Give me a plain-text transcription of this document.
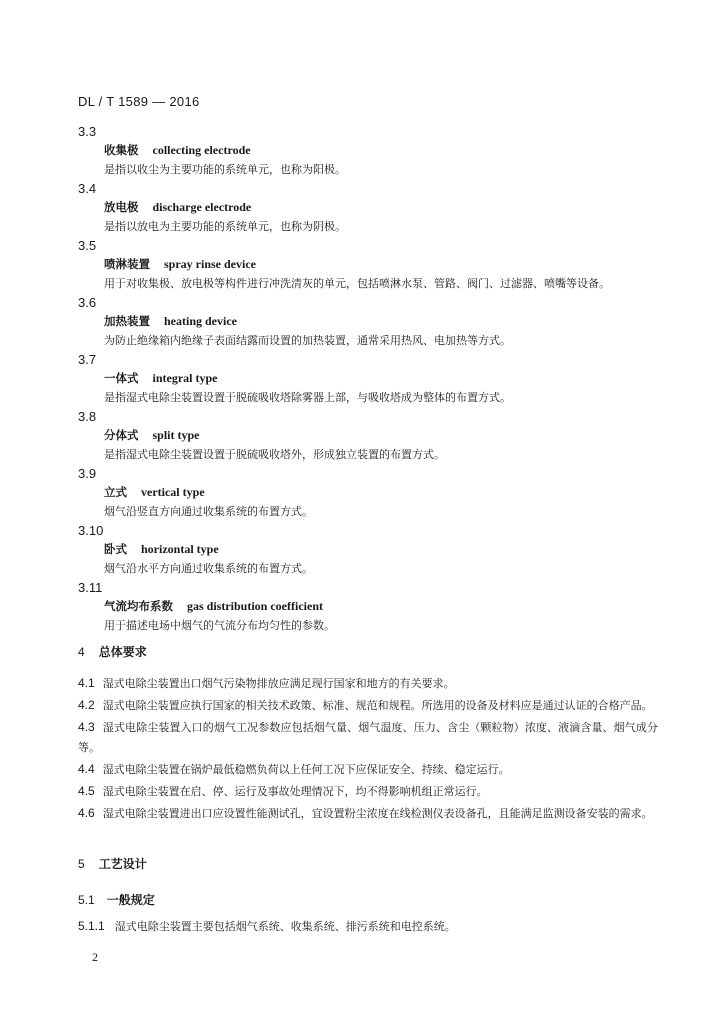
DL / T 1589 — 2016
3.3
收集极 collecting electrode
是指以收尘为主要功能的系统单元，也称为阳极。
3.4
放电极 discharge electrode
是指以放电为主要功能的系统单元，也称为阴极。
3.5
喷淋装置 spray rinse device
用于对收集极、放电极等构件进行冲洗清灰的单元，包括喷淋水泵、管路、阀门、过滤器、喷嘴等设备。
3.6
加热装置 heating device
为防止绝缘箱内绝缘子表面结露而设置的加热装置，通常采用热风、电加热等方式。
3.7
一体式 integral type
是指湿式电除尘装置设置于脱硫吸收塔除雾器上部，与吸收塔成为整体的布置方式。
3.8
分体式 split type
是指湿式电除尘装置设置于脱硫吸收塔外，形成独立装置的布置方式。
3.9
立式 vertical type
烟气沿竖直方向通过收集系统的布置方式。
3.10
卧式 horizontal type
烟气沿水平方向通过收集系统的布置方式。
3.11
气流均布系数 gas distribution coefficient
用于描述电场中烟气的气流分布均匀性的参数。
4 总体要求
4.1 湿式电除尘装置出口烟气污染物排放应满足现行国家和地方的有关要求。
4.2 湿式电除尘装置应执行国家的相关技术政策、标准、规范和规程。所选用的设备及材料应是通过认证的合格产品。
4.3 湿式电除尘装置入口的烟气工况参数应包括烟气量、烟气温度、压力、含尘（颗粒物）浓度、液滴含量、烟气成分等。
4.4 湿式电除尘装置在锅炉最低稳燃负荷以上任何工况下应保证安全、持续、稳定运行。
4.5 湿式电除尘装置在启、停、运行及事故处理情况下，均不得影响机组正常运行。
4.6 湿式电除尘装置进出口应设置性能测试孔，宜设置粉尘浓度在线检测仪表设备孔，且能满足监测设备安装的需求。
5 工艺设计
5.1 一般规定
5.1.1 湿式电除尘装置主要包括烟气系统、收集系统、排污系统和电控系统。
2
